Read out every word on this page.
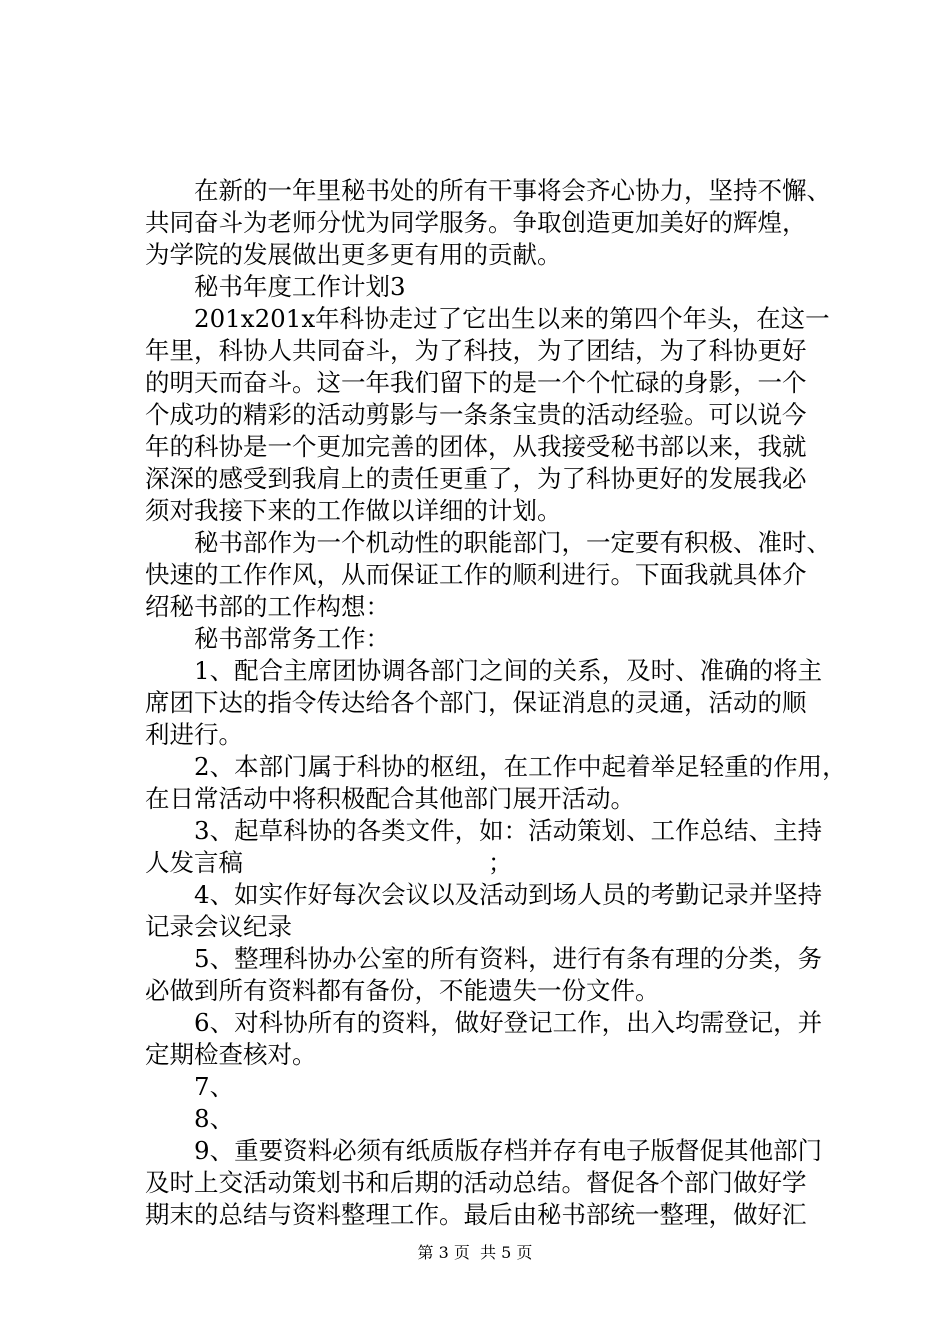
　　在新的一年里秘书处的所有干事将会齐心协力，坚持不懈、
共同奋斗为老师分忧为同学服务。争取创造更加美好的辉煌，
为学院的发展做出更多更有用的贡献。
　　秘书年度工作计划3
　　201x201x年科协走过了它出生以来的第四个年头，在这一
年里，科协人共同奋斗，为了科技，为了团结，为了科协更好
的明天而奋斗。这一年我们留下的是一个个忙碌的身影，一个
个成功的精彩的活动剪影与一条条宝贵的活动经验。可以说今
年的科协是一个更加完善的团体，从我接受秘书部以来，我就
深深的感受到我肩上的责任更重了，为了科协更好的发展我必
须对我接下来的工作做以详细的计划。
　　秘书部作为一个机动性的职能部门，一定要有积极、准时、
快速的工作作风，从而保证工作的顺利进行。下面我就具体介
绍秘书部的工作构想：
　　秘书部常务工作：
　　1、配合主席团协调各部门之间的关系，及时、准确的将主
席团下达的指令传达给各个部门，保证消息的灵通，活动的顺
利进行。
　　2、本部门属于科协的枢纽，在工作中起着举足轻重的作用，
在日常活动中将积极配合其他部门展开活动。
　　3、起草科协的各类文件，如：活动策划、工作总结、主持
人发言稿　　　　　　　　　　；
　　4、如实作好每次会议以及活动到场人员的考勤记录并坚持
记录会议纪录
　　5、整理科协办公室的所有资料，进行有条有理的分类，务
必做到所有资料都有备份，不能遗失一份文件。
　　6、对科协所有的资料，做好登记工作，出入均需登记，并
定期检查核对。
　　7、
　　8、
　　9、重要资料必须有纸质版存档并存有电子版督促其他部门
及时上交活动策划书和后期的活动总结。督促各个部门做好学
期末的总结与资料整理工作。最后由秘书部统一整理，做好汇
第 3 页  共 5 页
